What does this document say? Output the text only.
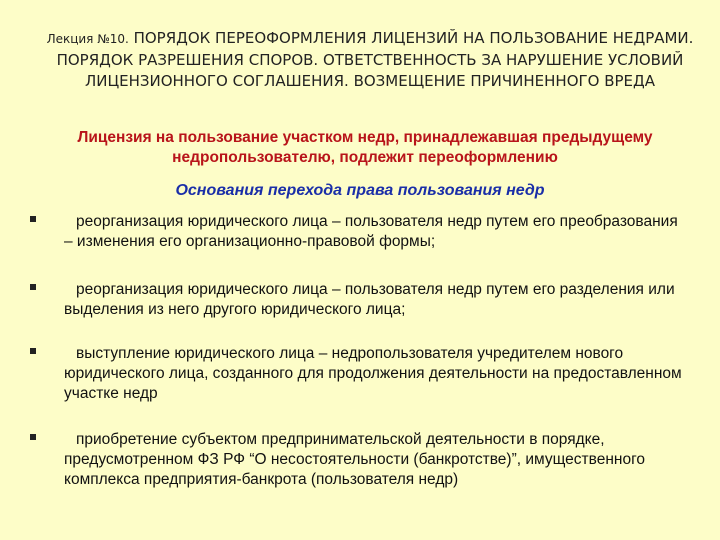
Лекция №10. ПОРЯДОК ПЕРЕОФОРМЛЕНИЯ ЛИЦЕНЗИЙ НА ПОЛЬЗОВАНИЕ НЕДРАМИ. ПОРЯДОК РАЗРЕШЕНИЯ СПОРОВ. ОТВЕТСТВЕННОСТЬ ЗА НАРУШЕНИЕ УСЛОВИЙ ЛИЦЕНЗИОННОГО СОГЛАШЕНИЯ. ВОЗМЕЩЕНИЕ ПРИЧИНЕННОГО ВРЕДА
Лицензия на пользование участком недр, принадлежавшая предыдущему недропользователю, подлежит переоформлению
Основания перехода права пользования недр
реорганизация юридического лица – пользователя недр путем его преобразования – изменения его организационно-правовой формы;
реорганизация юридического лица – пользователя недр путем его разделения или выделения из него другого юридического лица;
выступление юридического лица – недропользователя учредителем нового юридического лица, созданного для продолжения деятельности на предоставленном участке недр
приобретение субъектом предпринимательской деятельности в порядке, предусмотренном ФЗ РФ “О несостоятельности (банкротстве)”, имущественного комплекса предприятия-банкрота (пользователя недр)
